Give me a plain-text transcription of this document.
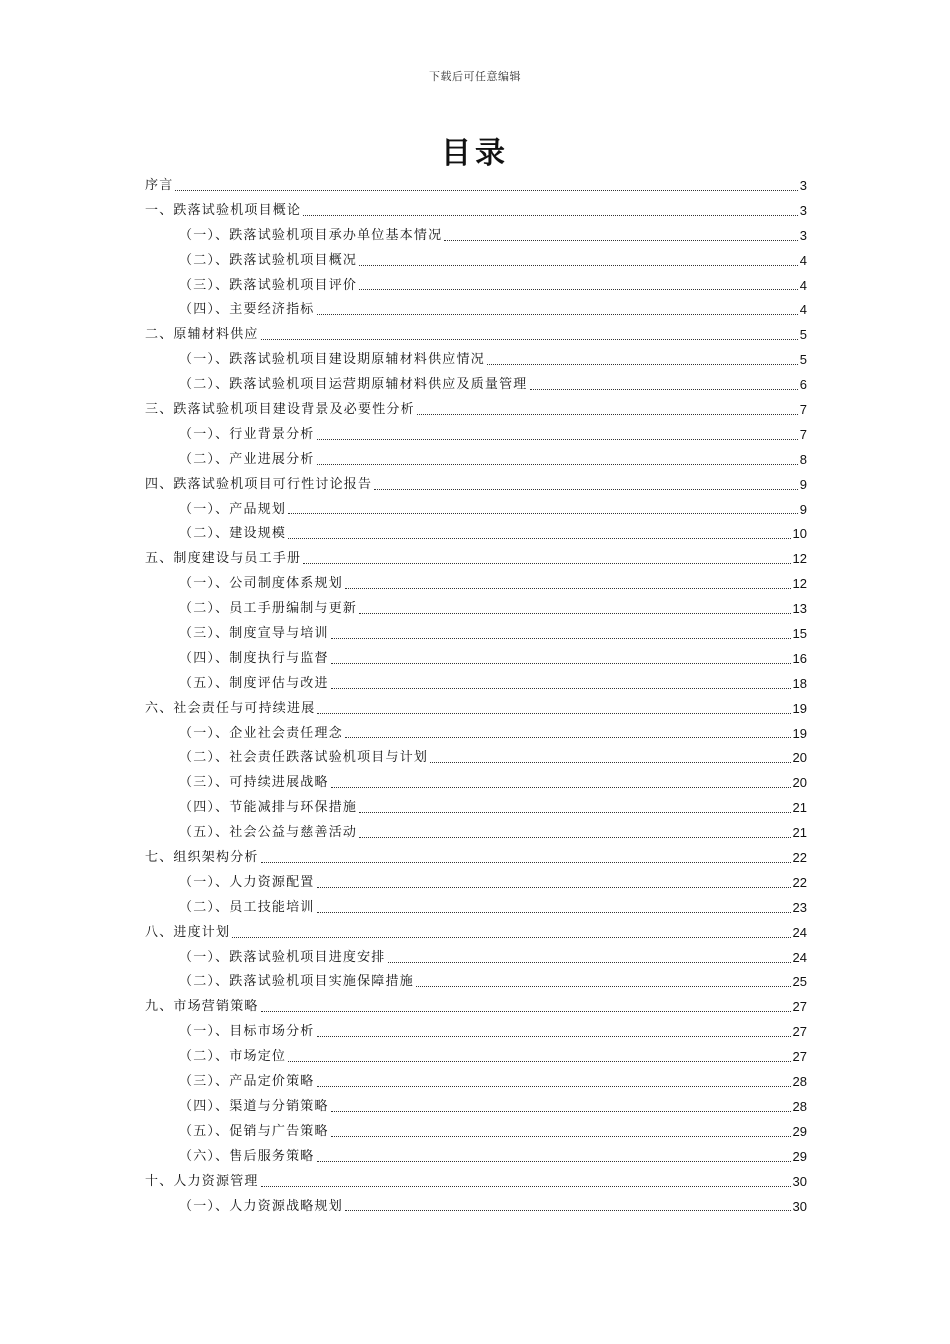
下载后可任意编辑
目录
序言	3
一、跌落试验机项目概论	3
（一）、跌落试验机项目承办单位基本情况	3
（二）、跌落试验机项目概况	4
（三）、跌落试验机项目评价	4
（四）、主要经济指标	4
二、原辅材料供应	5
（一）、跌落试验机项目建设期原辅材料供应情况	5
（二）、跌落试验机项目运营期原辅材料供应及质量管理	6
三、跌落试验机项目建设背景及必要性分析	7
（一）、行业背景分析	7
（二）、产业进展分析	8
四、跌落试验机项目可行性讨论报告	9
（一）、产品规划	9
（二）、建设规模	10
五、制度建设与员工手册	12
（一）、公司制度体系规划	12
（二）、员工手册编制与更新	13
（三）、制度宣导与培训	15
（四）、制度执行与监督	16
（五）、制度评估与改进	18
六、社会责任与可持续进展	19
（一）、企业社会责任理念	19
（二）、社会责任跌落试验机项目与计划	20
（三）、可持续进展战略	20
（四）、节能减排与环保措施	21
（五）、社会公益与慈善活动	21
七、组织架构分析	22
（一）、人力资源配置	22
（二）、员工技能培训	23
八、进度计划	24
（一）、跌落试验机项目进度安排	24
（二）、跌落试验机项目实施保障措施	25
九、市场营销策略	27
（一）、目标市场分析	27
（二）、市场定位	27
（三）、产品定价策略	28
（四）、渠道与分销策略	28
（五）、促销与广告策略	29
（六）、售后服务策略	29
十、人力资源管理	30
（一）、人力资源战略规划	30
